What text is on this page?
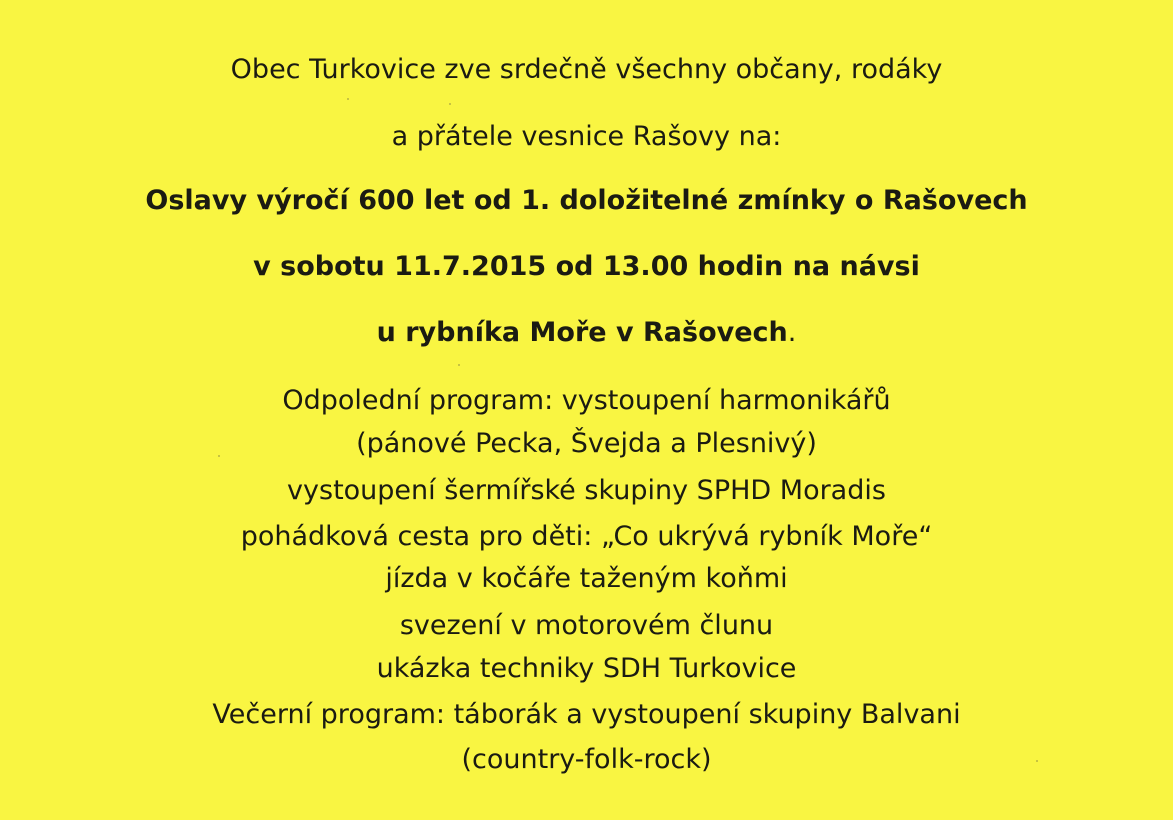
Obec Turkovice zve srdečně všechny občany, rodáky
a přátele vesnice Rašovy na:
Oslavy výročí 600 let od 1. doložitelné zmínky o Rašovech
v sobotu 11.7.2015 od 13.00 hodin na návsi
u rybníka Moře v Rašovech.
Odpolední program: vystoupení harmonikářů
(pánové Pecka, Švejda a Plesnivý)
vystoupení šermířské skupiny SPHD Moradis
pohádková cesta pro děti: „Co ukrývá rybník Moře“
jízda v kočáře taženým koňmi
svezení v motorovém člunu
ukázka techniky SDH Turkovice
Večerní program: táborák a vystoupení skupiny Balvani
(country-folk-rock)
